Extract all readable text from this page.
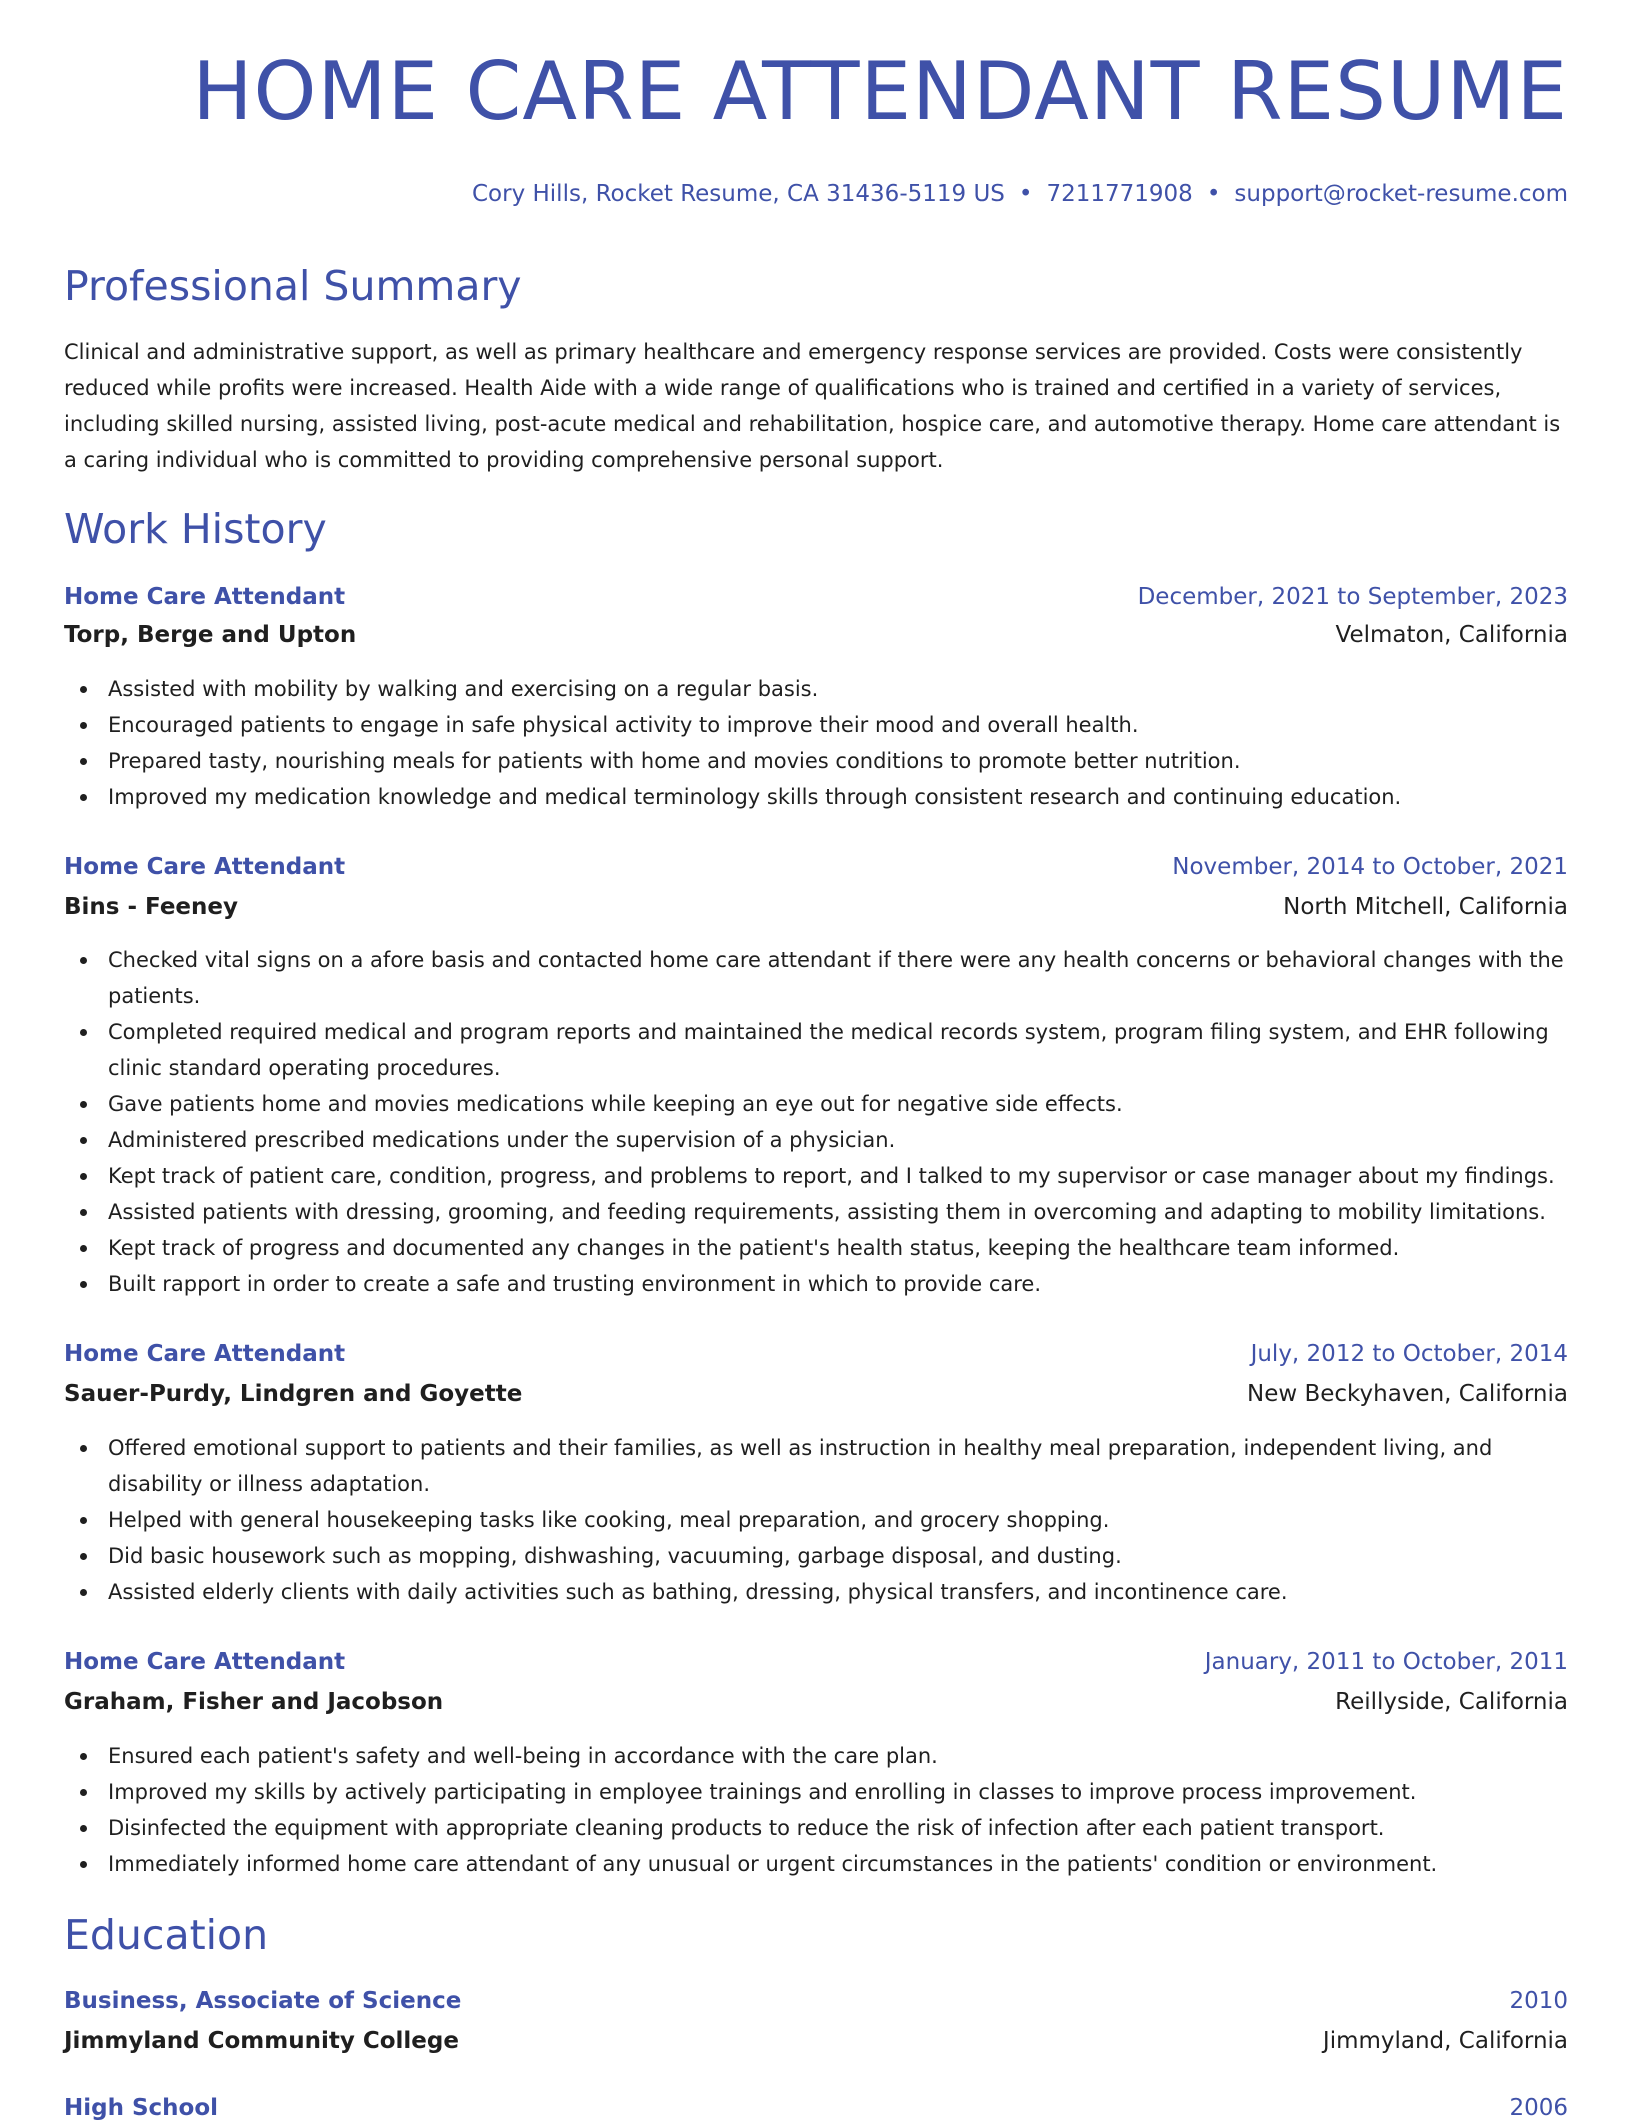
HOME CARE ATTENDANT RESUME
Cory Hills, Rocket Resume, CA 31436-5119 US • 7211771908 • support@rocket-resume.com
Professional Summary

Clinical and administrative support, as well as primary healthcare and emergency response services are provided. Costs were consistently reduced while profits were increased. Health Aide with a wide range of qualifications who is trained and certified in a variety of services, including skilled nursing, assisted living, post-acute medical and rehabilitation, hospice care, and automotive therapy. Home care attendant is a caring individual who is committed to providing comprehensive personal support.

Work History
Home Care Attendant	December, 2021 to September, 2023
Torp, Berge and Upton	Velmaton, California
Assisted with mobility by walking and exercising on a regular basis.
Encouraged patients to engage in safe physical activity to improve their mood and overall health.
Prepared tasty, nourishing meals for patients with home and movies conditions to promote better nutrition.
Improved my medication knowledge and medical terminology skills through consistent research and continuing education.
Home Care Attendant	November, 2014 to October, 2021
Bins - Feeney	North Mitchell, California
Checked vital signs on a afore basis and contacted home care attendant if there were any health concerns or behavioral changes with the patients.
Completed required medical and program reports and maintained the medical records system, program filing system, and EHR following clinic standard operating procedures.
Gave patients home and movies medications while keeping an eye out for negative side effects.
Administered prescribed medications under the supervision of a physician.
Kept track of patient care, condition, progress, and problems to report, and I talked to my supervisor or case manager about my findings.
Assisted patients with dressing, grooming, and feeding requirements, assisting them in overcoming and adapting to mobility limitations.
Kept track of progress and documented any changes in the patient's health status, keeping the healthcare team informed.
Built rapport in order to create a safe and trusting environment in which to provide care.
Home Care Attendant	July, 2012 to October, 2014
Sauer-Purdy, Lindgren and Goyette	New Beckyhaven, California
Offered emotional support to patients and their families, as well as instruction in healthy meal preparation, independent living, and disability or illness adaptation.
Helped with general housekeeping tasks like cooking, meal preparation, and grocery shopping.
Did basic housework such as mopping, dishwashing, vacuuming, garbage disposal, and dusting.
Assisted elderly clients with daily activities such as bathing, dressing, physical transfers, and incontinence care.
Home Care Attendant	January, 2011 to October, 2011
Graham, Fisher and Jacobson	Reillyside, California
Ensured each patient's safety and well-being in accordance with the care plan.
Improved my skills by actively participating in employee trainings and enrolling in classes to improve process improvement.
Disinfected the equipment with appropriate cleaning products to reduce the risk of infection after each patient transport.
Immediately informed home care attendant of any unusual or urgent circumstances in the patients' condition or environment.
Education
Business, Associate of Science	2010
Jimmyland Community College	Jimmyland, California
High School	2006
